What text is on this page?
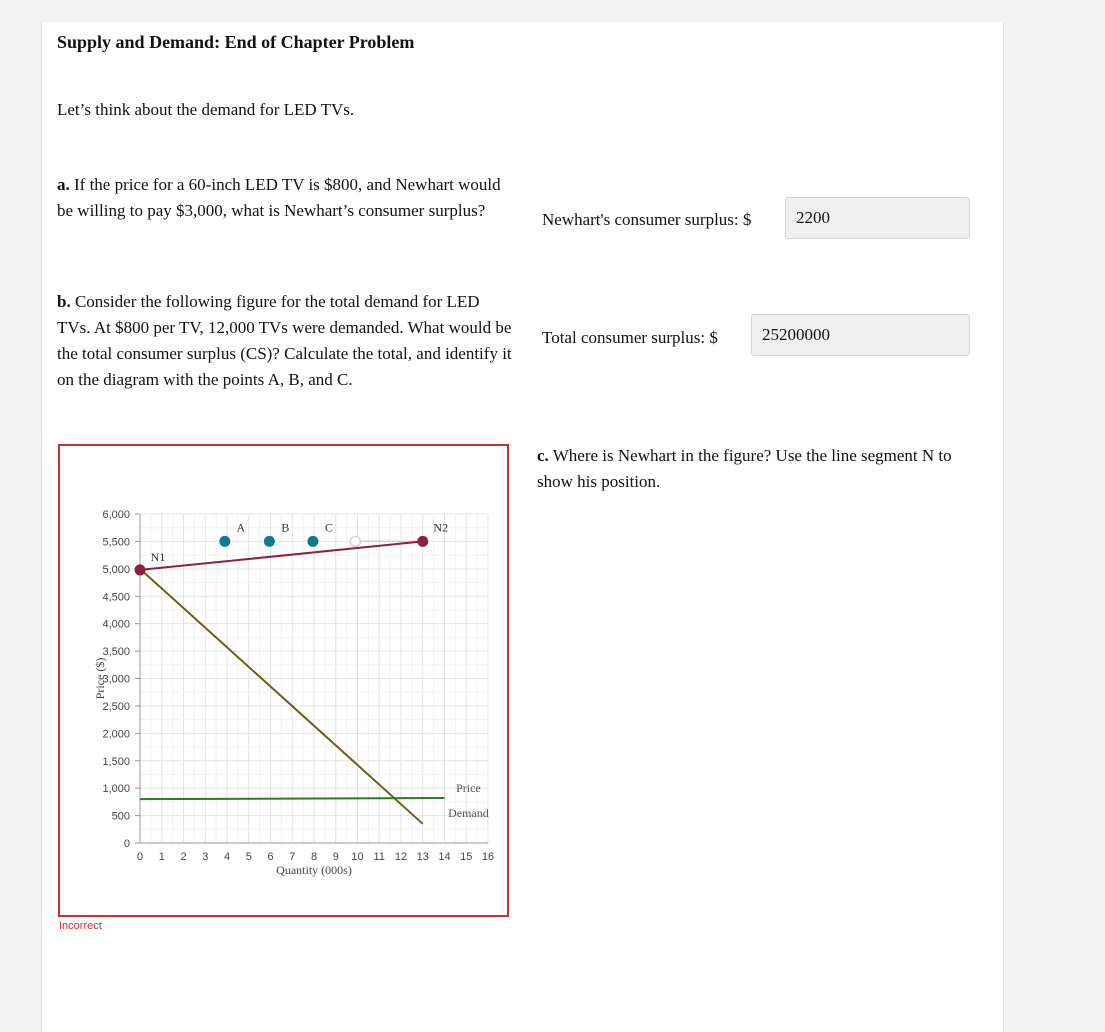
Supply and Demand: End of Chapter Problem
Let’s think about the demand for LED TVs.
a. If the price for a 60-inch LED TV is $800, and Newhart would be willing to pay $3,000, what is Newhart’s consumer surplus?	Newhart's consumer surplus: $	2200
b. Consider the following figure for the total demand for LED TVs. At $800 per TV, 12,000 TVs were demanded. What would be the total consumer surplus (CS)? Calculate the total, and identify it on the diagram with the points A, B, and C.
Total consumer surplus: $	25200000
c. Where is Newhart in the figure? Use the line segment N to show his position.
0 1 2 3 4 5 6 7 8 9 10 11 12 13 14 15 16
0
500
1,000
1,500
2,000
2,500
3,000
3,500
4,000
4,500
5,000
5,500
6,000
Quantity (000s)
Price ($)
N1
N2
A	B	C
Price
Demand
Incorrect
